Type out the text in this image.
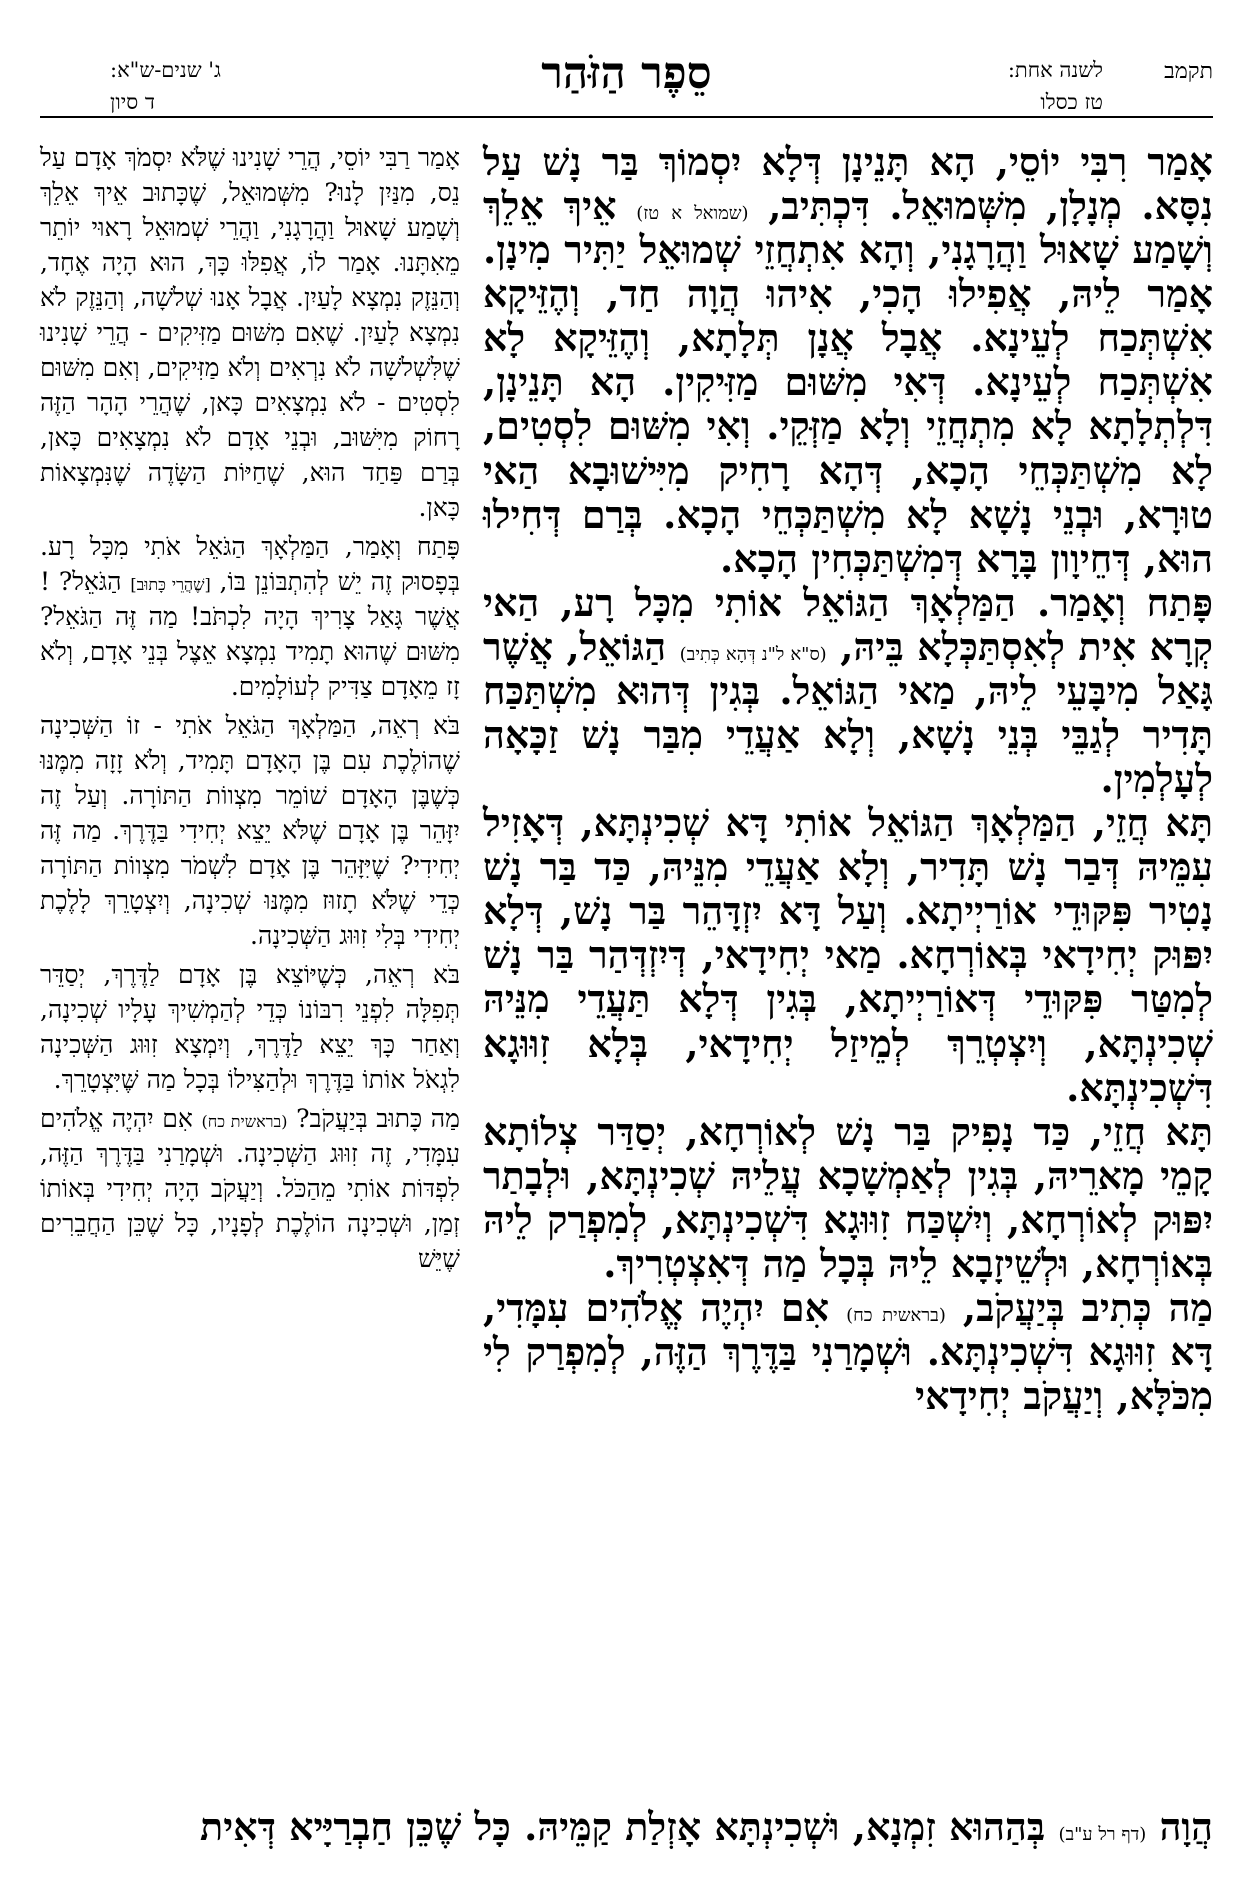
תקמב
לשנה אחת:
טז כסלו
סֵפֶר הַזֹּהַר
ג' שנים-ש"א:
ד סיון

אָמַר רִבִּי יוֹסֵי, הָא תָּנֵינָן דְּלָא יִסְמוֹךְ בַּר נָשׁ עַל נִסָּא. מְנָלָן, מִשְּׁמוּאֵל. דִּכְתִּיב, (שמואל א טז) אֵיךְ אֵלֵךְ וְשָׁמַע שָׁאוּל וַהֲרָגָנִי, וְהָא אִתְחֲזֵי שְׁמוּאֵל יַתִּיר מִינָן. אָמַר לֵיהּ, אֲפִילוּ הָכִי, אִיהוּ הֲוָה חַד, וְהֶזֵּיקָא אִשְׁתְּכַח לְעֵינָא. אֲבָל אֲנָן תְּלָתָא, וְהֶזֵּיקָא לָא אִשְׁתְּכַח לְעֵינָא. דְּאִי מִשּׁוּם מַזִּיקִין. הָא תָּנֵינָן, דִּלְתְלָתָא לָא מִתְחֲזֵי וְלָא מַזְּקֵי. וְאִי מִשּׁוּם לִסְטִים, לָא מִשְׁתַּכְּחֵי הָכָא, דְּהָא רָחִיק מִיִּישׁוּבָא הַאי טוּרָא, וּבְנֵי נָשָׁא לָא מִשְׁתַּכְּחֵי הָכָא. בְּרַם דְּחִילוּ הוּא, דְּחֵיוָון בָּרָא דְּמִשְׁתַּכְּחִין הָכָא.

פָּתַח וְאָמַר. הַמַּלְאָךְ הַגּוֹאֵל אוֹתִי מִכָּל רָע, הַאי קְרָא אִית לְאִסְתַּכְּלָא בֵּיהּ, (ס"א ל"נ דְּהָא כְּתִיב) הַגּוֹאֵל, אֲשֶׁר גָּאַל מִיבָּעֵי לֵיהּ, מַאי הַגּוֹאֵל. בְּגִין דְּהוּא מִשְׁתַּכַּח תָּדִיר לְגַבֵּי בְּנֵי נָשָׁא, וְלָא אַעֲדֵי מִבַּר נָשׁ זַכָּאָה לְעָלְמִין.

תָּא חֲזֵי, הַמַּלְאָךְ הַגּוֹאֵל אוֹתִי דָּא שְׁכִינְתָּא, דְּאָזִיל עִמֵּיהּ דְּבַר נָשׁ תָּדִיר, וְלָא אַעֲדֵי מִנֵּיהּ, כַּד בַּר נָשׁ נָטִיר פִּקּוּדֵי אוֹרַיְיתָא. וְעַל דָּא יִזְדָּהֵר בַּר נָשׁ, דְּלָא יִפּוּק יְחִידָאי בְּאוֹרְחָא. מַאי יְחִידָאי, דְּיִזְדְּהַר בַּר נָשׁ לְמִטַּר פִּקּוּדֵי דְּאוֹרַיְיתָא, בְּגִין דְּלָא תַּעֲדֵי מִנֵּיהּ שְׁכִינְתָּא, וְיִצְטְרֵךְ לְמֵיזַל יְחִידָאי, בְּלָא זִוּוּגָא דִּשְׁכִינְתָּא.

תָּא חֲזֵי, כַּד נָפִיק בַּר נָשׁ לְאוֹרְחָא, יְסַדַּר צְלוֹתָא קָמֵי מָארֵיהּ, בְּגִין לְאַמְשָׁכָא עֲלֵיהּ שְׁכִינְתָּא, וּלְבָתַר יִפּוּק לְאוֹרְחָא, וְיִשְׁכַּח זִוּוּגָא דִּשְׁכִינְתָּא, לְמִפְרַק לֵיהּ בְּאוֹרְחָא, וּלְשֵׁיזָבָא לֵיהּ בְּכָל מַה דְּאִצְטְרִיךְ.

מַה כְּתִיב בְּיַעֲקֹב, (בראשית כח) אִם יִהְיֶה אֱלֹהִים עִמָּדִי, דָּא זִוּוּגָא דִּשְׁכִינְתָּא. וּשְׁמָרַנִי בַּדֶּרֶךְ הַזֶּה, לְמִפְרַק לִי מִכֹּלָּא, וְיַעֲקֹב יְחִידָאי

אָמַר רַבִּי יוֹסֵי, הֲרֵי שָׁנִינוּ שֶׁלֹּא יִסְמֹךְ אָדָם עַל נֵס, מִנַּיִן לָנוּ? מִשְּׁמוּאֵל, שֶׁכָּתוּב אֵיךְ אֵלֵךְ וְשָׁמַע שָׁאוּל וַהֲרָגָנִי, וַהֲרֵי שְׁמוּאֵל רָאוּי יוֹתֵר מֵאִתָּנוּ. אָמַר לוֹ, אֲפִלּוּ כָּךְ, הוּא הָיָה אֶחָד, וְהַנֵּזֶק נִמְצָא לָעַיִן. אֲבָל אָנוּ שְׁלֹשָׁה, וְהַנֵּזֶק לֹא נִמְצָא לָעַיִן. שֶׁאִם מִשּׁוּם מַזִּיקִים - הֲרֵי שָׁנִינוּ שֶׁלִּשְׁלֹשָׁה לֹא נִרְאִים וְלֹא מַזִּיקִים, וְאִם מִשּׁוּם לִסְטִים - לֹא נִמְצָאִים כָּאן, שֶׁהֲרֵי הָהָר הַזֶּה רָחוֹק מִיִּשּׁוּב, וּבְנֵי אָדָם לֹא נִמְצָאִים כָּאן, בְּרַם פַּחַד הוּא, שֶׁחַיּוֹת הַשָּׂדֶה שֶׁנִּמְצָאוֹת כָּאן.

פָּתַח וְאָמַר, הַמַּלְאָךְ הַגֹּאֵל אֹתִי מִכָּל רָע. בְּפָסוּק זֶה יֵשׁ לְהִתְבּוֹנֵן בּוֹ, [שֶׁהֲרֵי כָּתוּב] הַגֹּאֵל? ! אֲשֶׁר גָּאַל צָרִיךְ הָיָה לִכְתֹּב! מַה זֶּה הַגֹּאֵל? מִשּׁוּם שֶׁהוּא תָמִיד נִמְצָא אֵצֶל בְּנֵי אָדָם, וְלֹא זָז מֵאָדָם צַדִּיק לְעוֹלָמִים.

בֹּא רְאֵה, הַמַּלְאָךְ הַגֹּאֵל אֹתִי - זוֹ הַשְּׁכִינָה שֶׁהוֹלֶכֶת עִם בֶּן הָאָדָם תָּמִיד, וְלֹא זָזָה מִמֶּנּוּ כְּשֶׁבֶּן הָאָדָם שׁוֹמֵר מִצְווֹת הַתּוֹרָה. וְעַל זֶה יִזָּהֵר בֶּן אָדָם שֶׁלֹּא יֵצֵא יְחִידִי בַּדֶּרֶךְ. מַה זֶּה יְחִידִי? שֶׁיִּזָּהֵר בֶּן אָדָם לִשְׁמֹר מִצְווֹת הַתּוֹרָה כְּדֵי שֶׁלֹּא תָזוּז מִמֶּנּוּ שְׁכִינָה, וְיִצְטָרֵךְ לָלֶכֶת יְחִידִי בְּלִי זִוּוּג הַשְּׁכִינָה.

בֹּא רְאֵה, כְּשֶׁיּוֹצֵא בֶּן אָדָם לַדֶּרֶךְ, יְסַדֵּר תְּפִלָּה לִפְנֵי רִבּוֹנוֹ כְּדֵי לְהַמְשִׁיךְ עָלָיו שְׁכִינָה, וְאַחַר כָּךְ יֵצֵא לַדֶּרֶךְ, וְיִמְצָא זִוּוּג הַשְּׁכִינָה לִגְאֹל אוֹתוֹ בַּדֶּרֶךְ וּלְהַצִּילוֹ בְּכָל מַה שֶּׁיִּצְטָרֵךְ.

מַה כָּתוּב בְּיַעֲקֹב? (בראשית כח) אִם יִהְיֶה אֱלֹהִים עִמָּדִי, זֶה זִוּוּג הַשְּׁכִינָה. וּשְׁמָרַנִי בַּדֶּרֶךְ הַזֶּה, לִפְדּוֹת אוֹתִי מֵהַכֹּל. וְיַעֲקֹב הָיָה יְחִידִי בְּאוֹתוֹ זְמַן, וּשְׁכִינָה הוֹלֶכֶת לְפָנָיו, כָּל שֶׁכֵּן הַחֲבֵרִים שֶׁיֵּשׁ

הֲוָה (דף רל ע"ב) בְּהַהוּא זִמְנָא, וּשְׁכִינְתָּא אָזְלַת קַמֵּיהּ. כָּל שֶׁכֵּן חַבְרַיָּיא דְּאִית
